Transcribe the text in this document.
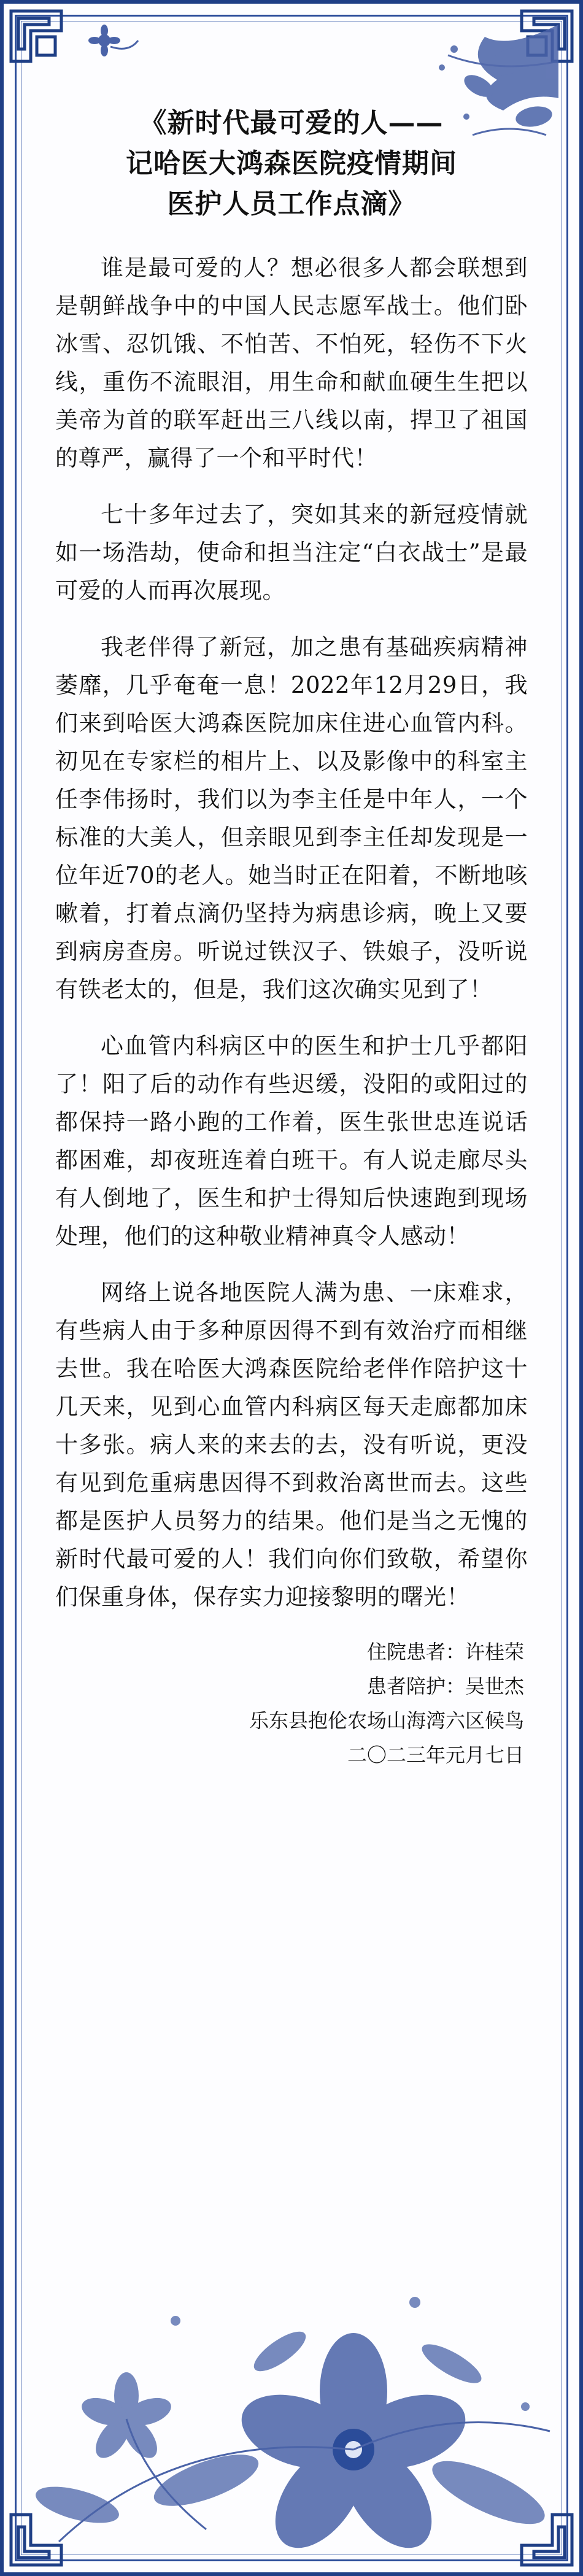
《新时代最可爱的人——
记哈医大鸿森医院疫情期间
医护人员工作点滴》

谁是最可爱的人？想必很多人都会联想到是朝鲜战争中的中国人民志愿军战士。他们卧冰雪、忍饥饿、不怕苦、不怕死，轻伤不下火线，重伤不流眼泪，用生命和献血硬生生把以美帝为首的联军赶出三八线以南，捍卫了祖国的尊严，赢得了一个和平时代！

七十多年过去了，突如其来的新冠疫情就如一场浩劫，使命和担当注定“白衣战士”是最可爱的人而再次展现。

我老伴得了新冠，加之患有基础疾病精神萎靡，几乎奄奄一息！2022年12月29日，我们来到哈医大鸿森医院加床住进心血管内科。初见在专家栏的相片上、以及影像中的科室主任李伟扬时，我们以为李主任是中年人，一个标准的大美人，但亲眼见到李主任却发现是一位年近70的老人。她当时正在阳着，不断地咳嗽着，打着点滴仍坚持为病患诊病，晚上又要到病房查房。听说过铁汉子、铁娘子，没听说有铁老太的，但是，我们这次确实见到了！

心血管内科病区中的医生和护士几乎都阳了！阳了后的动作有些迟缓，没阳的或阳过的都保持一路小跑的工作着，医生张世忠连说话都困难，却夜班连着白班干。有人说走廊尽头有人倒地了，医生和护士得知后快速跑到现场处理，他们的这种敬业精神真令人感动！

网络上说各地医院人满为患、一床难求，有些病人由于多种原因得不到有效治疗而相继去世。我在哈医大鸿森医院给老伴作陪护这十几天来，见到心血管内科病区每天走廊都加床十多张。病人来的来去的去，没有听说，更没有见到危重病患因得不到救治离世而去。这些都是医护人员努力的结果。他们是当之无愧的新时代最可爱的人！我们向你们致敬，希望你们保重身体，保存实力迎接黎明的曙光！

住院患者：许桂荣
患者陪护：吴世杰
乐东县抱伦农场山海湾六区候鸟
二〇二三年元月七日
